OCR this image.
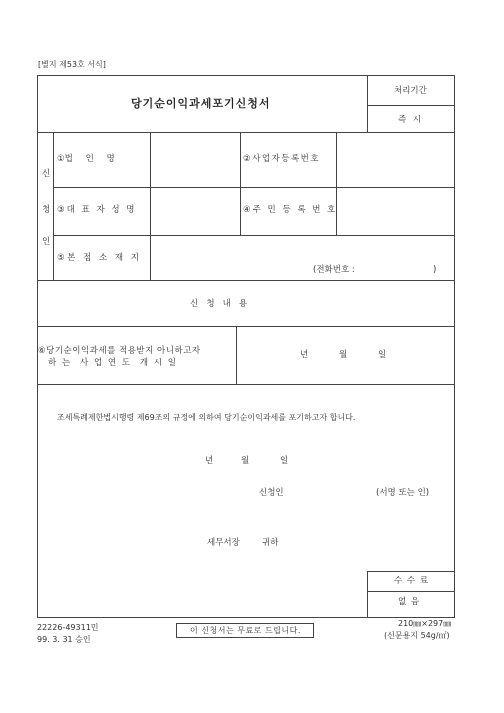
[별지 제53호 서식]
당기순이익과세포기신청서
처리기간
즉 시
신
청
인
①법  인  명	②사업자등록번호
③대 표 자 성 명	④주 민 등 록 번 호
⑤본 점 소 재 지
(전화번호 :	)
신   청   내   용
⑥당기순이익과세를 적용받지 아니하고자
하 는  사 업 연 도  개 시 일
년	월	일
조세특례제한법시행령 제69조의 규정에 의하여 당기순이익과세를 포기하고자 합니다.
년	월	일
신청인	(서명 또는 인)
세무서장	귀하
수 수 료
없 음
22226-49311민
99. 3. 31 승인
이 신청서는 무료로 드립니다.
210㎜×297㎜
(신문용지 54g/㎡)
